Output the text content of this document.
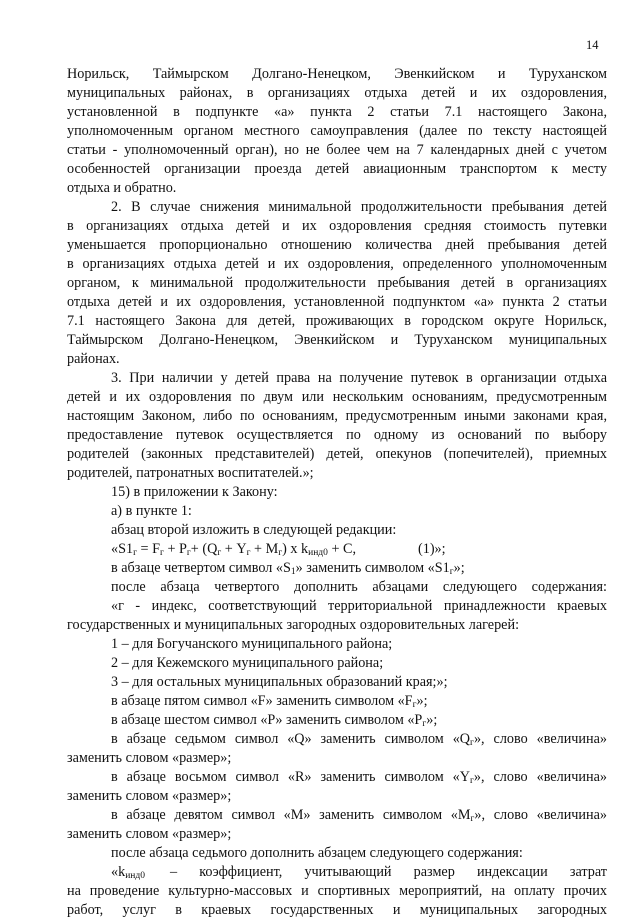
14
Норильск, Таймырском Долгано-Ненецком, Эвенкийском и Туруханском
муниципальных районах, в организациях отдыха детей и их оздоровления,
установленной в подпункте «а» пункта 2 статьи 7.1 настоящего Закона,
уполномоченным органом местного самоуправления (далее по тексту настоящей
статьи - уполномоченный орган), но не более чем на 7 календарных дней с учетом
особенностей организации проезда детей авиационным транспортом к месту
отдыха и обратно.
2. В случае снижения минимальной продолжительности пребывания детей
в организациях отдыха детей и их оздоровления средняя стоимость путевки
уменьшается пропорционально отношению количества дней пребывания детей
в организациях отдыха детей и их оздоровления, определенного уполномоченным
органом, к минимальной продолжительности пребывания детей в организациях
отдыха детей и их оздоровления, установленной подпунктом «а» пункта 2 статьи
7.1 настоящего Закона для детей, проживающих в городском округе Норильск,
Таймырском Долгано-Ненецком, Эвенкийском и Туруханском муниципальных
районах.
3. При наличии у детей права на получение путевок в организации отдыха
детей и их оздоровления по двум или нескольким основаниям, предусмотренным
настоящим Законом, либо по основаниям, предусмотренным иными законами края,
предоставление путевок осуществляется по одному из оснований по выбору
родителей (законных представителей) детей, опекунов (попечителей), приемных
родителей, патронатных воспитателей.»;
15) в приложении к Закону:
а) в пункте 1:
абзац второй изложить в следующей редакции:
«$S1_г = F_г + P_г+ (Q_г + Y_г + M_г)$ x $k_{инд0} + C$,	(1)»;
в абзаце четвертом символ «$S_1$» заменить символом «$S1_г$»;
после абзаца четвертого дополнить абзацами следующего содержания:
«г - индекс, соответствующий территориальной принадлежности краевых
государственных и муниципальных загородных оздоровительных лагерей:
1 – для Богучанского муниципального района;
2 – для Кежемского муниципального района;
3 – для остальных муниципальных образований края;»;
в абзаце пятом символ «F» заменить символом «$F_г$»;
в абзаце шестом символ «P» заменить символом «$P_г$»;
в абзаце седьмом символ «Q» заменить символом «$Q_г$», слово «величина»
заменить словом «размер»;
в абзаце восьмом символ «R» заменить символом «$Y_г$», слово «величина»
заменить словом «размер»;
в абзаце девятом символ «M» заменить символом «$M_г$», слово «величина»
заменить словом «размер»;
после абзаца седьмого дополнить абзацем следующего содержания:
«$k_{инд0}$ – коэффициент, учитывающий размер индексации затрат
на проведение культурно-массовых и спортивных мероприятий, на оплату прочих
работ, услуг в краевых государственных и муниципальных загородных
